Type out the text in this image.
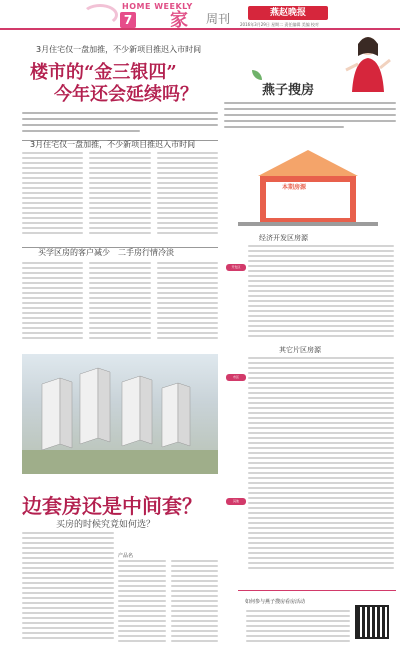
HOME WEEKLY
7 家 周刊	燕赵晚报
2016年3月29日 星期二 责任编辑 美编 校对
3月住宅仅一盘加推，不少新项目推迟入市时间
楼市的“金三银四”
今年还会延续吗？
3月住宅仅一盘加推，不少新项目推迟入市时间
买学区房的客户减少　二手房行情冷淡
边套房还是中间套？
买房的时候究竟如何选？
产品名
燕子搜房
本期房源
开发区
市区
其他
经济开发区房源
其它片区房源
如何参与燕子搜房看房活动
